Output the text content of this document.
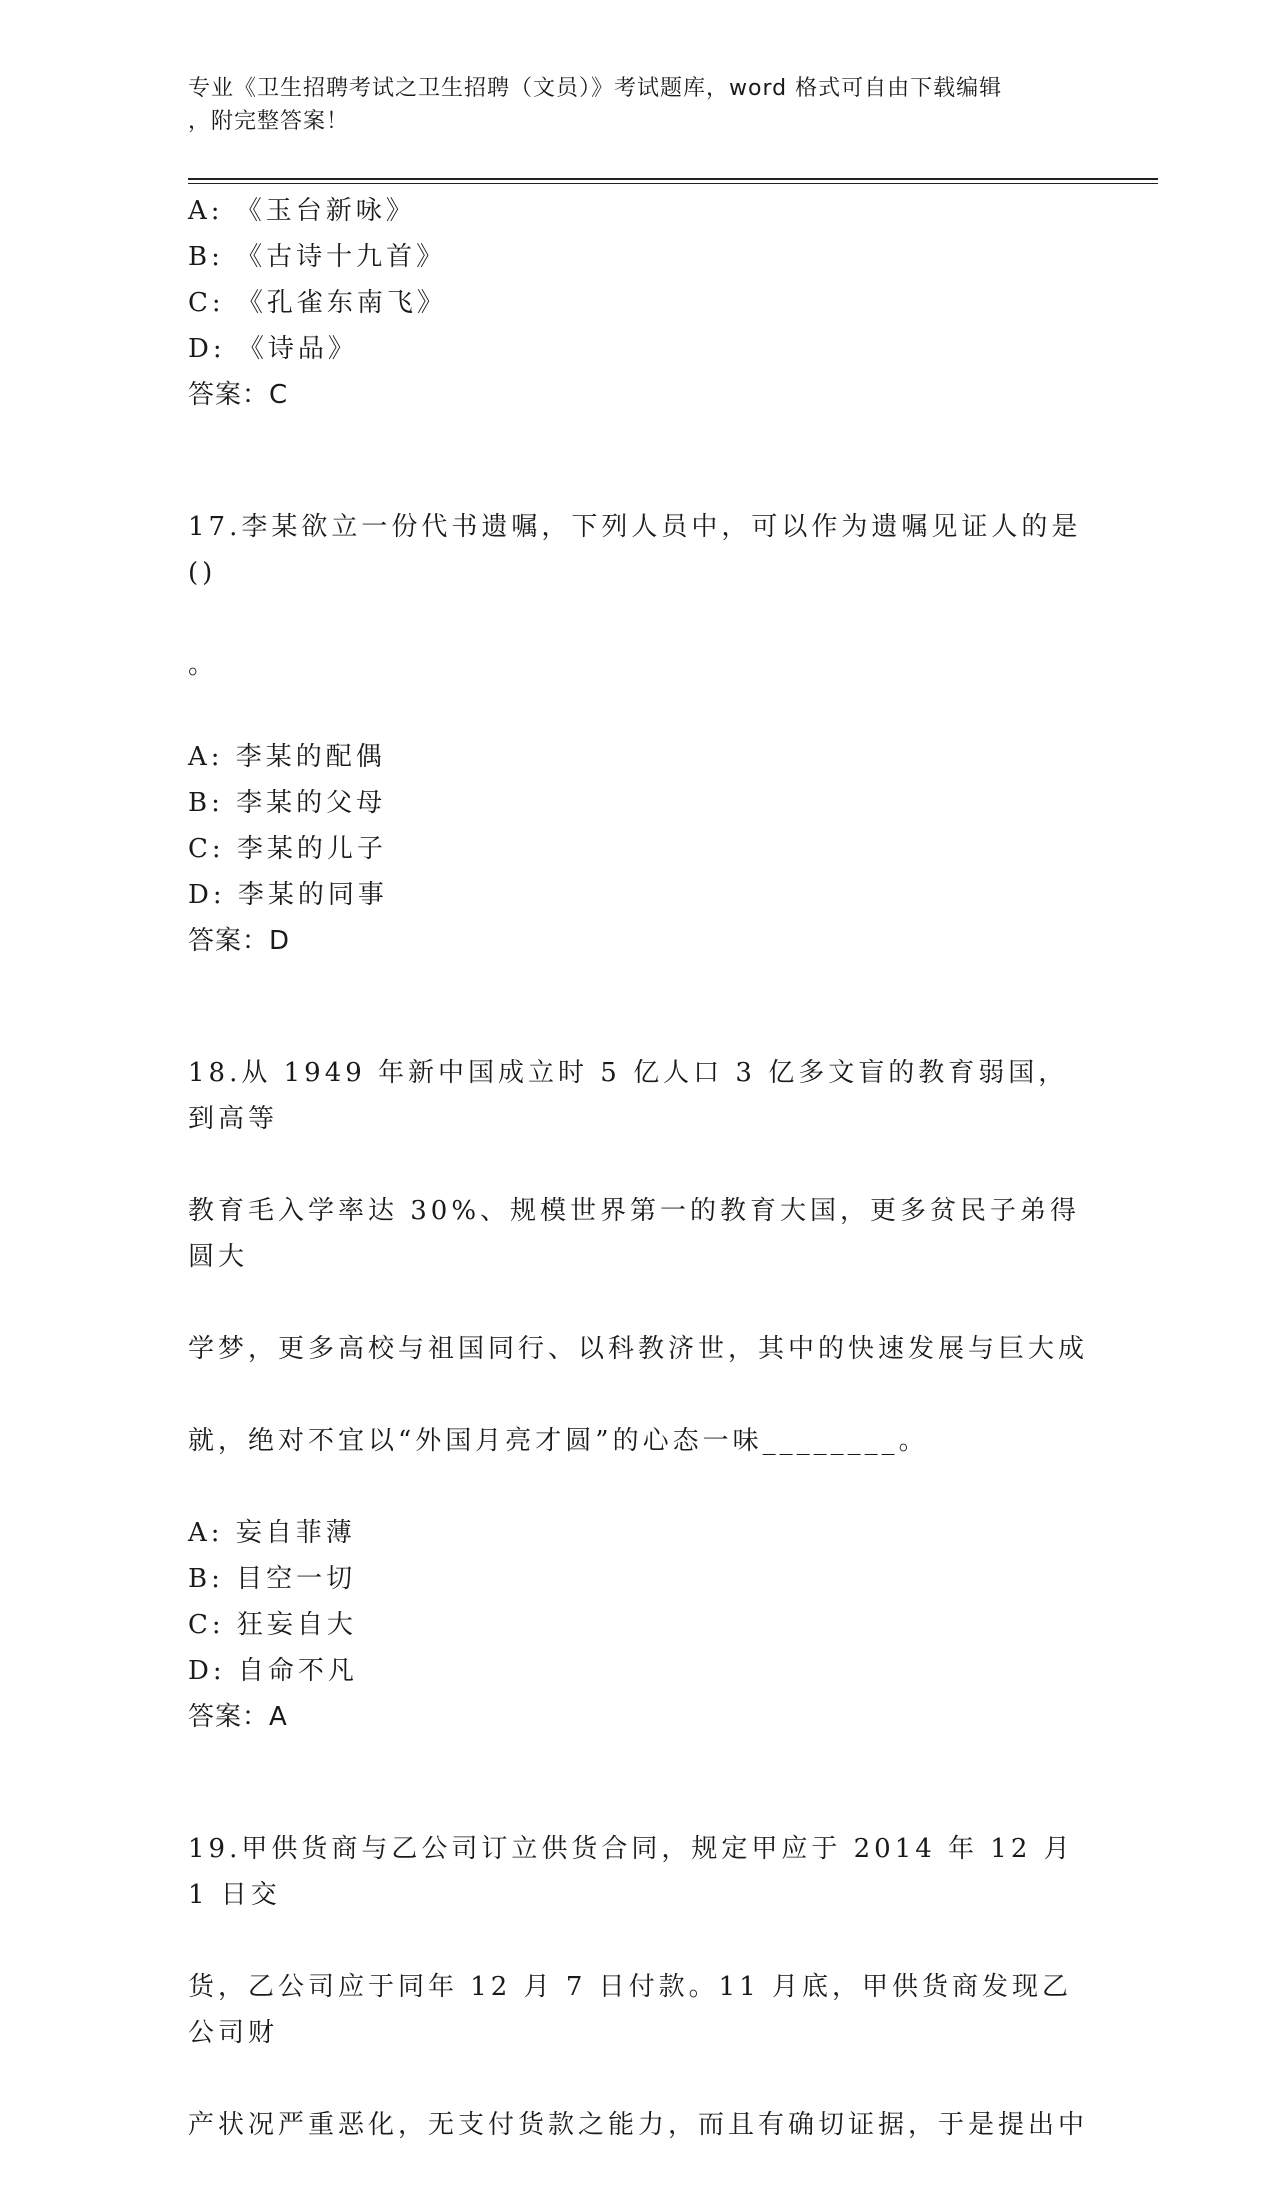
专业《卫生招聘考试之卫生招聘（文员）》考试题库，word 格式可自由下载编辑
，附完整答案！
A: 《玉台新咏》
B: 《古诗十九首》
C: 《孔雀东南飞》
D: 《诗品》
答案：C

17.李某欲立一份代书遗嘱，下列人员中，可以作为遗嘱见证人的是()

。

A: 李某的配偶
B: 李某的父母
C: 李某的儿子
D: 李某的同事
答案：D

18.从 1949 年新中国成立时 5 亿人口 3 亿多文盲的教育弱国，到高等

教育毛入学率达 30%、规模世界第一的教育大国，更多贫民子弟得圆大

学梦，更多高校与祖国同行、以科教济世，其中的快速发展与巨大成

就，绝对不宜以“外国月亮才圆”的心态一味________。

A: 妄自菲薄
B: 目空一切
C: 狂妄自大
D: 自命不凡
答案：A

19.甲供货商与乙公司订立供货合同，规定甲应于 2014 年 12 月 1 日交

货，乙公司应于同年 12 月 7 日付款。11 月底，甲供货商发现乙公司财

产状况严重恶化，无支付货款之能力，而且有确切证据，于是提出中
